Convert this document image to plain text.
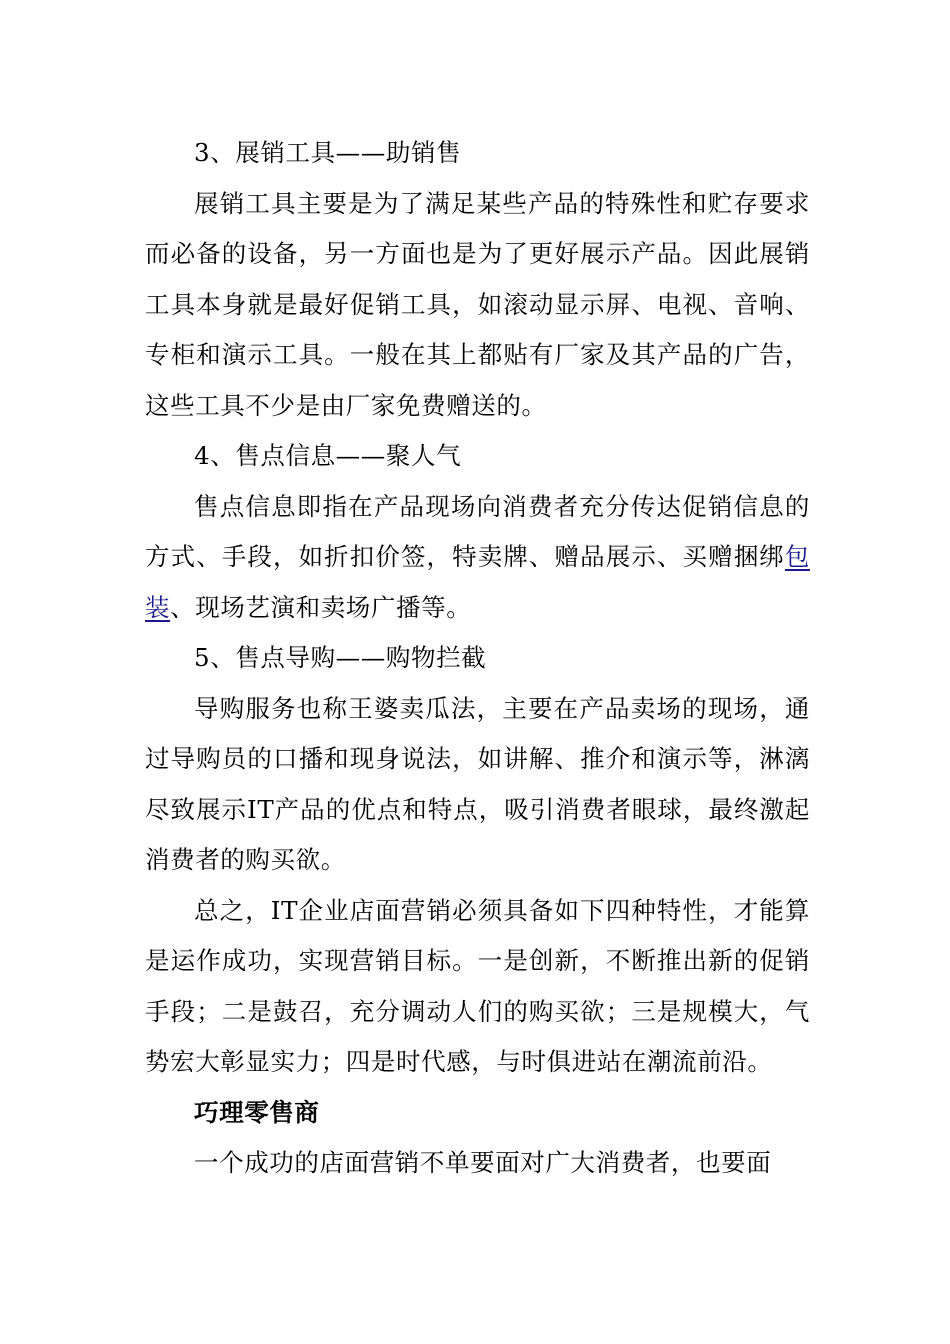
3、展销工具——助销售

展销工具主要是为了满足某些产品的特殊性和贮存要求而必备的设备，另一方面也是为了更好展示产品。因此展销工具本身就是最好促销工具，如滚动显示屏、电视、音响、专柜和演示工具。一般在其上都贴有厂家及其产品的广告，这些工具不少是由厂家免费赠送的。

4、售点信息——聚人气

售点信息即指在产品现场向消费者充分传达促销信息的方式、手段，如折扣价签，特卖牌、赠品展示、买赠捆绑包装、现场艺演和卖场广播等。

5、售点导购——购物拦截

导购服务也称王婆卖瓜法，主要在产品卖场的现场，通过导购员的口播和现身说法，如讲解、推介和演示等，淋漓尽致展示IT产品的优点和特点，吸引消费者眼球，最终激起消费者的购买欲。

总之，IT企业店面营销必须具备如下四种特性，才能算是运作成功，实现营销目标。一是创新，不断推出新的促销手段；二是鼓召，充分调动人们的购买欲；三是规模大，气势宏大彰显实力；四是时代感，与时俱进站在潮流前沿。

巧理零售商

一个成功的店面营销不单要面对广大消费者，也要面
